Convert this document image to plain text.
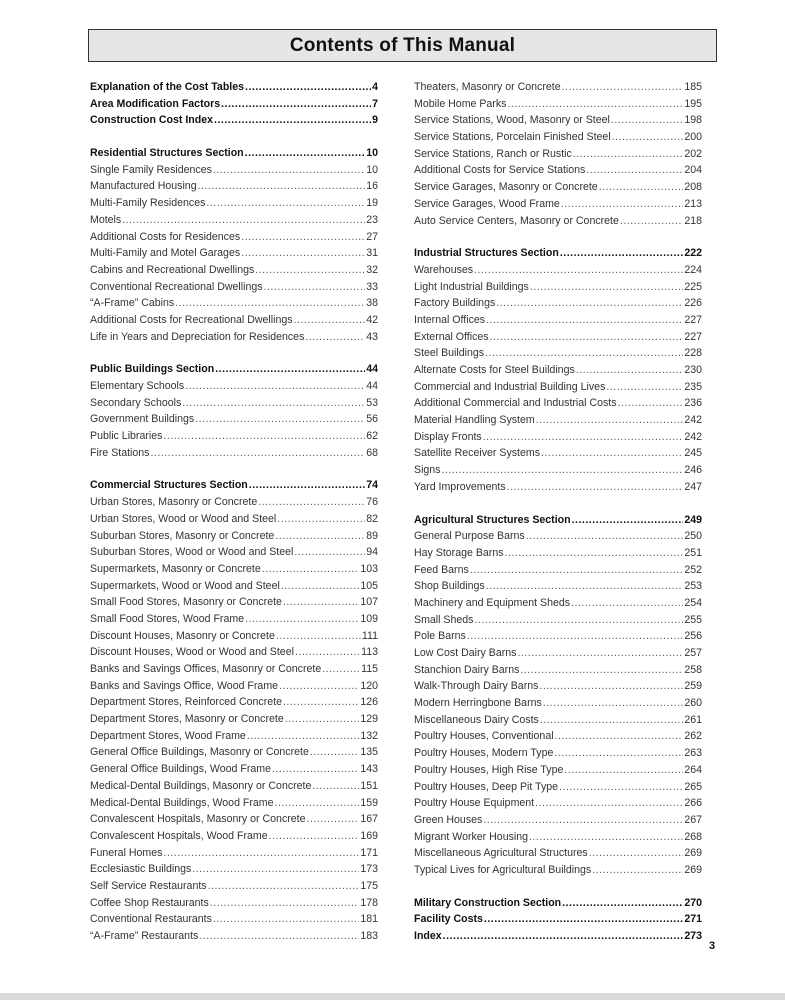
Contents of This Manual
Explanation of the Cost Tables .....	4
Area Modification Factors .....	7
Construction Cost Index .....	9
Residential Structures Section .....	10
Single Family Residences .....	10
Manufactured Housing .....	16
Multi-Family Residences .....	19
Motels .....	23
Additional Costs for Residences .....	27
Multi-Family and Motel Garages .....	31
Cabins and Recreational Dwellings .....	32
Conventional Recreational Dwellings .....	33
“A-Frame” Cabins .....	38
Additional Costs for Recreational Dwellings .....	42
Life in Years and Depreciation for Residences .....	43
Public Buildings Section .....	44
Elementary Schools .....	44
Secondary Schools .....	53
Government Buildings .....	56
Public Libraries .....	62
Fire Stations .....	68
Commercial Structures Section .....	74
Urban Stores, Masonry or Concrete .....	76
Urban Stores, Wood or Wood and Steel .....	82
Suburban Stores, Masonry or Concrete .....	89
Suburban Stores, Wood or Wood and Steel .....	94
Supermarkets, Masonry or Concrete .....	103
Supermarkets, Wood or Wood and Steel .....	105
Small Food Stores, Masonry or Concrete .....	107
Small Food Stores, Wood Frame .....	109
Discount Houses, Masonry or Concrete .....	111
Discount Houses, Wood or Wood and Steel .....	113
Banks and Savings Offices, Masonry or Concrete .....	115
Banks and Savings Office, Wood Frame .....	120
Department Stores, Reinforced Concrete .....	126
Department Stores, Masonry or Concrete .....	129
Department Stores, Wood Frame .....	132
General Office Buildings, Masonry or Concrete .....	135
General Office Buildings, Wood Frame .....	143
Medical-Dental Buildings, Masonry or Concrete .....	151
Medical-Dental Buildings, Wood Frame .....	159
Convalescent Hospitals, Masonry or Concrete .....	167
Convalescent Hospitals, Wood Frame .....	169
Funeral Homes .....	171
Ecclesiastic Buildings .....	173
Self Service Restaurants .....	175
Coffee Shop Restaurants .....	178
Conventional Restaurants .....	181
“A-Frame” Restaurants .....	183
Theaters, Masonry or Concrete .....	185
Mobile Home Parks .....	195
Service Stations, Wood, Masonry or Steel .....	198
Service Stations, Porcelain Finished Steel .....	200
Service Stations, Ranch or Rustic .....	202
Additional Costs for Service Stations .....	204
Service Garages, Masonry or Concrete .....	208
Service Garages, Wood Frame .....	213
Auto Service Centers, Masonry or Concrete .....	218
Industrial Structures Section .....	222
Warehouses .....	224
Light Industrial Buildings .....	225
Factory Buildings .....	226
Internal Offices .....	227
External Offices .....	227
Steel Buildings .....	228
Alternate Costs for Steel Buildings .....	230
Commercial and Industrial Building Lives .....	235
Additional Commercial and Industrial Costs .....	236
Material Handling System .....	242
Display Fronts .....	242
Satellite Receiver Systems .....	245
Signs .....	246
Yard Improvements .....	247
Agricultural Structures Section .....	249
General Purpose Barns .....	250
Hay Storage Barns .....	251
Feed Barns .....	252
Shop Buildings .....	253
Machinery and Equipment Sheds .....	254
Small Sheds .....	255
Pole Barns .....	256
Low Cost Dairy Barns .....	257
Stanchion Dairy Barns .....	258
Walk-Through Dairy Barns .....	259
Modern Herringbone Barns .....	260
Miscellaneous Dairy Costs .....	261
Poultry Houses, Conventional .....	262
Poultry Houses, Modern Type .....	263
Poultry Houses, High Rise Type .....	264
Poultry Houses, Deep Pit Type .....	265
Poultry House Equipment .....	266
Green Houses .....	267
Migrant Worker Housing .....	268
Miscellaneous Agricultural Structures .....	269
Typical Lives for Agricultural Buildings .....	269
Military Construction Section .....	270
Facility Costs .....	271
Index .....	273
3
